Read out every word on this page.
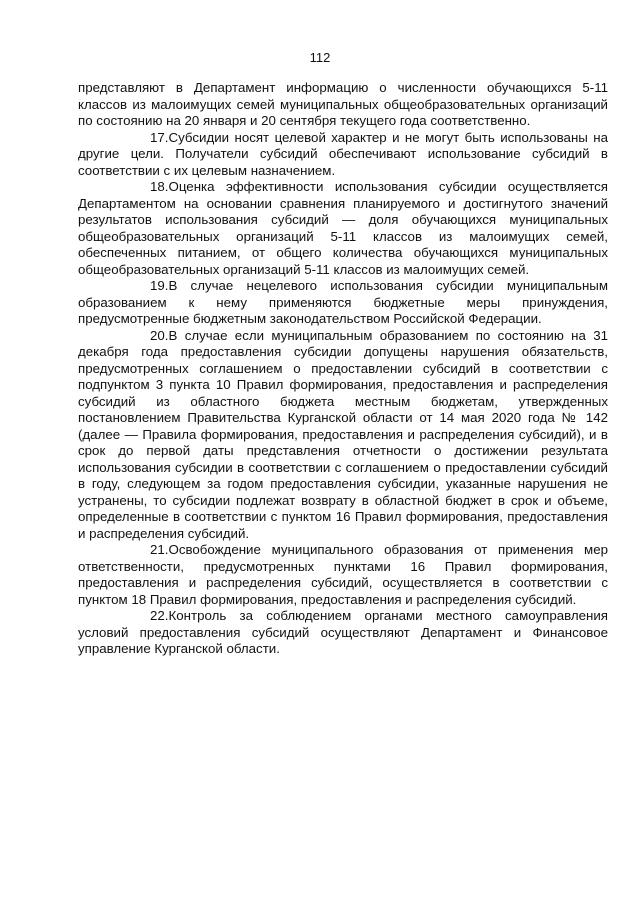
112

представляют в Департамент информацию о численности обучающихся 5-11 классов из малоимущих семей муниципальных общеобразовательных организаций по состоянию на 20 января и 20 сентября текущего года соответственно.

17.Субсидии носят целевой характер и не могут быть использованы на другие цели. Получатели субсидий обеспечивают использование субсидий в соответствии с их целевым назначением.

18.Оценка эффективности использования субсидии осуществляется Департаментом на основании сравнения планируемого и достигнутого значений результатов использования субсидий — доля обучающихся муниципальных общеобразовательных организаций 5-11 классов из малоимущих семей, обеспеченных питанием, от общего количества обучающихся муниципальных общеобразовательных организаций 5-11 классов из малоимущих семей.

19.В случае нецелевого использования субсидии муниципальным образованием к нему применяются бюджетные меры принуждения, предусмотренные бюджетным законодательством Российской Федерации.

20.В случае если муниципальным образованием по состоянию на 31 декабря года предоставления субсидии допущены нарушения обязательств, предусмотренных соглашением о предоставлении субсидий в соответствии с подпунктом 3 пункта 10 Правил формирования, предоставления и распределения субсидий из областного бюджета местным бюджетам, утвержденных постановлением Правительства Курганской области от 14 мая 2020 года № 142 (далее — Правила формирования, предоставления и распределения субсидий), и в срок до первой даты представления отчетности о достижении результата использования субсидии в соответствии с соглашением о предоставлении субсидий в году, следующем за годом предоставления субсидии, указанные нарушения не устранены, то субсидии подлежат возврату в областной бюджет в срок и объеме, определенные в соответствии с пунктом 16 Правил формирования, предоставления и распределения субсидий.

21.Освобождение муниципального образования от применения мер ответственности, предусмотренных пунктами 16 Правил формирования, предоставления и распределения субсидий, осуществляется в соответствии с пунктом 18 Правил формирования, предоставления и распределения субсидий.

22.Контроль за соблюдением органами местного самоуправления условий предоставления субсидий осуществляют Департамент и Финансовое управление Курганской области.
